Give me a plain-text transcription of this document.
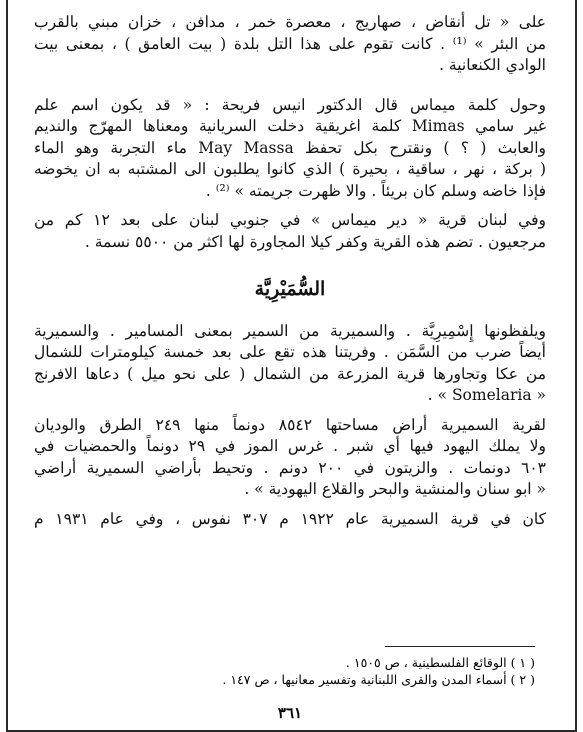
على « تل أنقاض ، صهاريج ، معصرة خمر ، مدافن ، خزان مبني بالقرب
من البئر » ⁽¹⁾ . كانت تقوم على هذا التل بلدة ( بيت العامق ) ، بمعنى بيت
الوادي الكنعانية .
وحول كلمة ميماس قال الدكتور انيس فريحة : « قد يكون اسم علم
غير سامي Mimas كلمة اغريقية دخلت السريانية ومعناها المهرّج والنديم
والعابث ( ؟ ) ونقترح بكل تحفظ May Massa ماء التجربة وهو الماء
( بركة ، نهر ، ساقية ، بحيرة ) الذي كانوا يطلبون الى المشتبه به ان يخوضه
فإذا خاضه وسلم كان بريئاً . والا ظهرت جريمته » ⁽²⁾ .
وفي لبنان قرية « دير ميماس » في جنوبي لبنان على بعد ١٢ كم من
مرجعيون . تضم هذه القرية وكفر كيلا المجاورة لها اكثر من ٥٥٠٠ نسمة .
السُّمَيْرِيَّة
ويلفظونها إِسْمِيرِيَّة . والسميرية من السمير بمعنى المسامير . والسميرية
أيضاً ضرب من السَّمَن . وفريتنا هذه تقع على بعد خمسة كيلومترات للشمال
من عكا وتجاورها قرية المزرعة من الشمال ( على نحو ميل ) دعاها الافرنج
« Somelaria » .
لقرية السميرية أراض مساحتها ٨٥٤٢ دونماً منها ٢٤٩ الطرق والوديان
ولا يملك اليهود فيها أي شبر . غرس الموز في ٢٩ دونماً والحمضيات في
٦٠٣ دونمات . والزيتون في ٢٠٠ دونم . وتحيط بأراضي السميرية أراضي
« ابو سنان والمنشية والبحر والقلاع اليهودية » .
كان في قرية السميرية عام ١٩٢٢ م ٣٠٧ نفوس ، وفي عام ١٩٣١ م
( ١ ) الوقائع الفلسطينية ، ص ١٥٠٥ .
( ٢ ) أسماء المدن والقرى اللبنانية وتفسير معانيها ، ص ١٤٧ .
٣٦١
